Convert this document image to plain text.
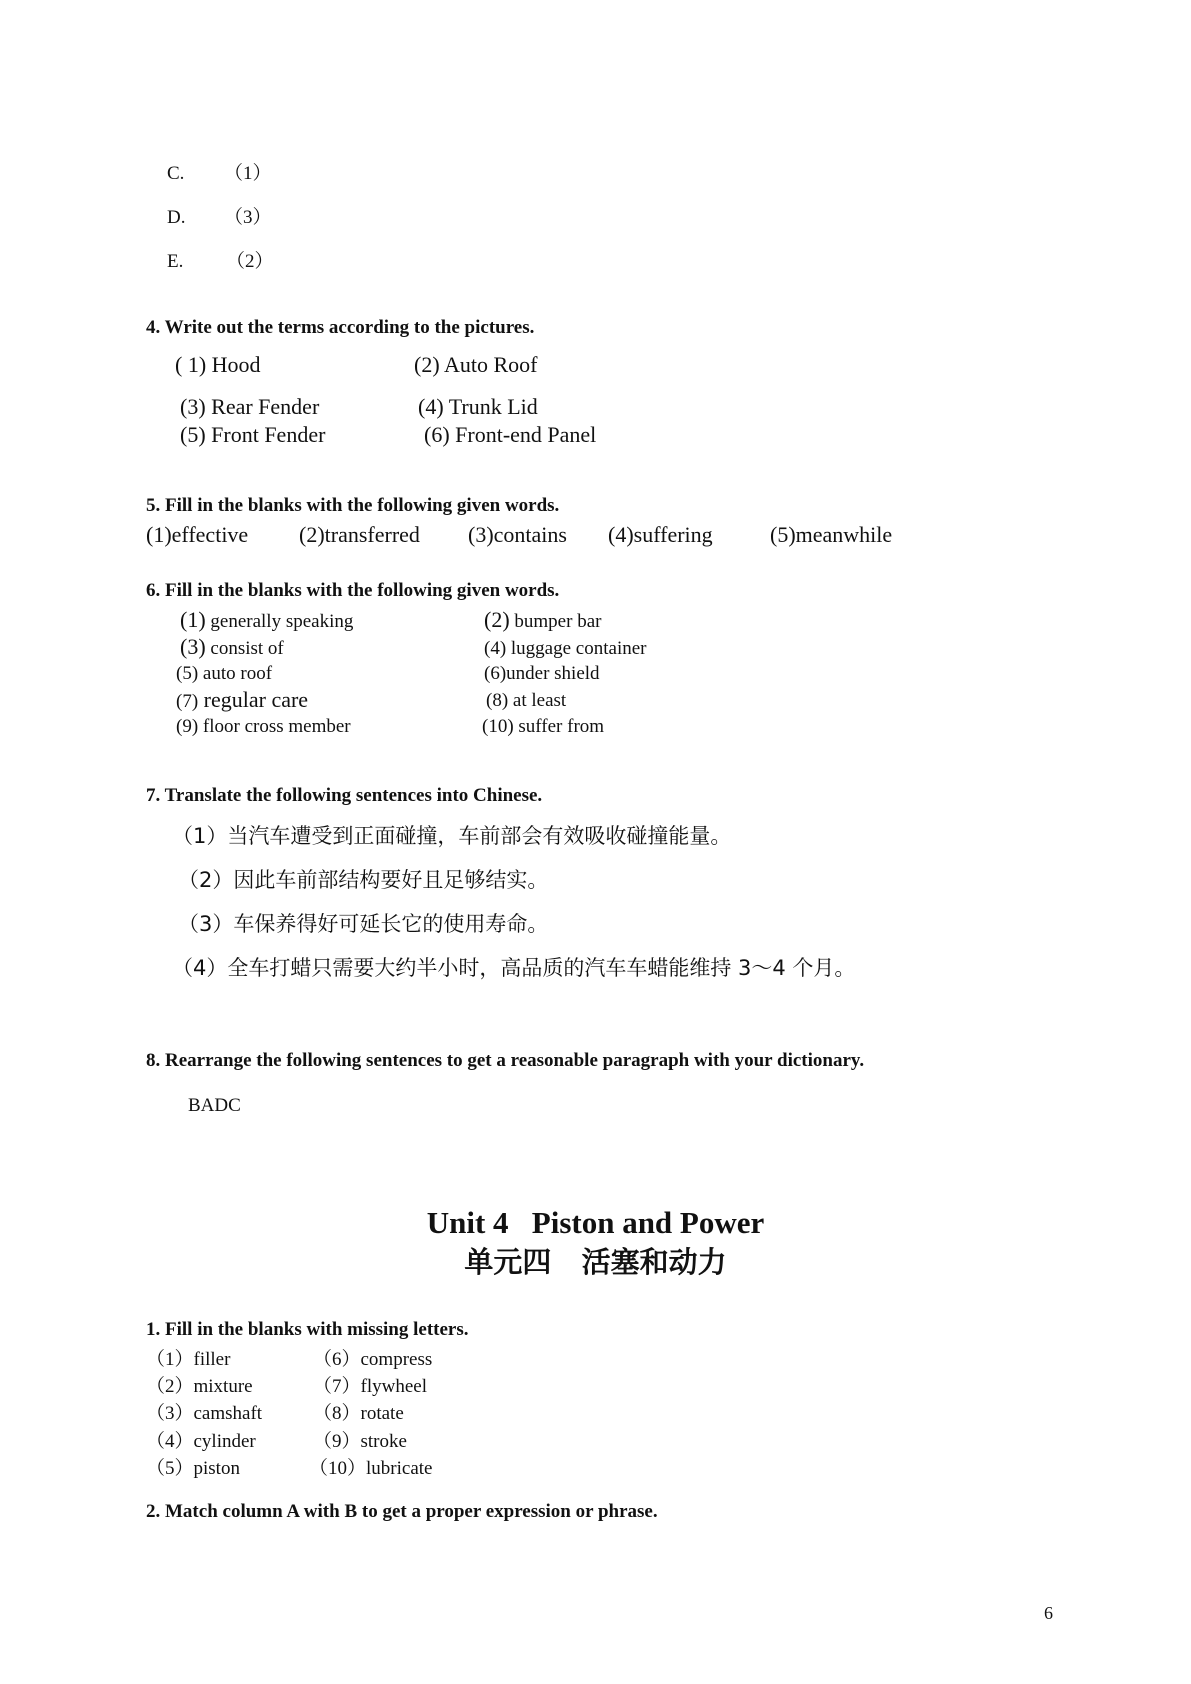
C. （1）
D. （3）
E. （2）
4. Write out the terms according to the pictures.
( 1) Hood	(2) Auto Roof
(3) Rear Fender	(4) Trunk Lid
(5) Front Fender	(6) Front-end Panel
5. Fill in the blanks with the following given words.
(1)effective (2)transferred (3)contains (4)suffering	(5)meanwhile
6. Fill in the blanks with the following given words.
(1) generally speaking	(2) bumper bar
(3) consist of	(4) luggage container
(5) auto roof	(6)under shield
(7) regular care	(8) at least
(9) floor cross member	(10) suffer from
7. Translate the following sentences into Chinese.
（1）当汽车遭受到正面碰撞，车前部会有效吸收碰撞能量。
（2）因此车前部结构要好且足够结实。
（3）车保养得好可延长它的使用寿命。
（4）全车打蜡只需要大约半小时，高品质的汽车车蜡能维持 3～4 个月。
8. Rearrange the following sentences to get a reasonable paragraph with your dictionary.
BADC
Unit 4   Piston and Power
单元四   活塞和动力
1. Fill in the blanks with missing letters.
（1）filler	（6）compress
（2）mixture	（7）flywheel
（3）camshaft	（8）rotate
（4）cylinder	（9）stroke
（5）piston	（10）lubricate
2. Match column A with B to get a proper expression or phrase.
6
